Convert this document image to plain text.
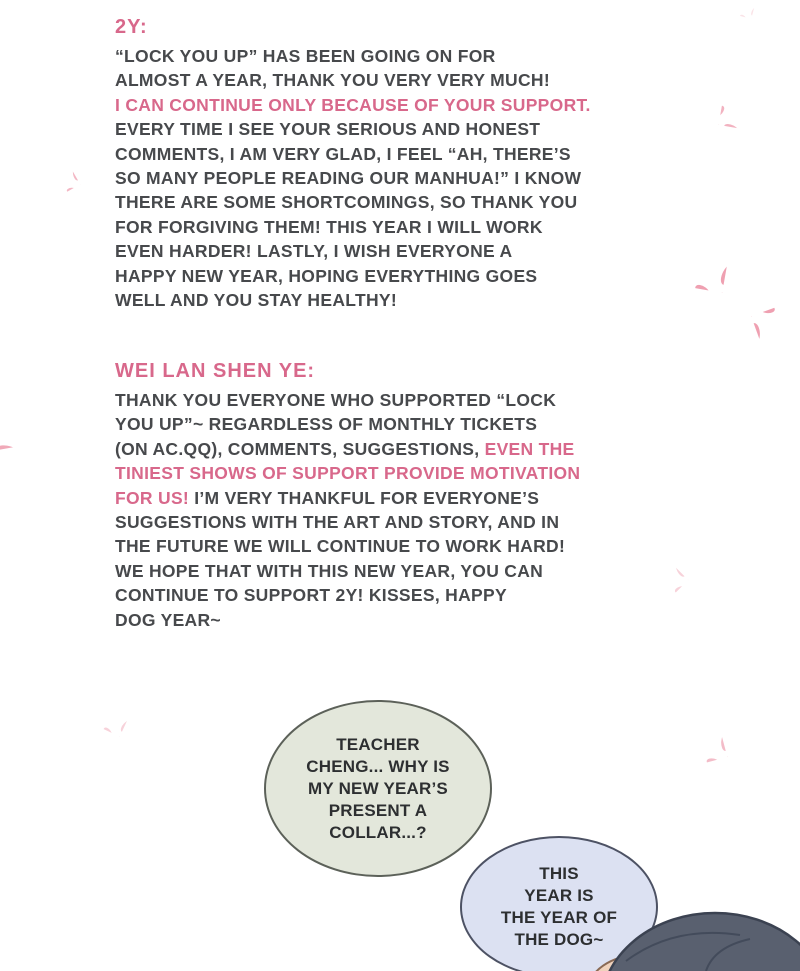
2Y:
“LOCK YOU UP” HAS BEEN GOING ON FOR
ALMOST A YEAR, THANK YOU VERY VERY MUCH!
I CAN CONTINUE ONLY BECAUSE OF YOUR SUPPORT.
EVERY TIME I SEE YOUR SERIOUS AND HONEST
COMMENTS, I AM VERY GLAD, I FEEL “AH, THERE’S
SO MANY PEOPLE READING OUR MANHUA!” I KNOW
THERE ARE SOME SHORTCOMINGS, SO THANK YOU
FOR FORGIVING THEM! THIS YEAR I WILL WORK
EVEN HARDER! LASTLY, I WISH EVERYONE A
HAPPY NEW YEAR, HOPING EVERYTHING GOES
WELL AND YOU STAY HEALTHY!
WEI LAN SHEN YE:
THANK YOU EVERYONE WHO SUPPORTED “LOCK
YOU UP”~ REGARDLESS OF MONTHLY TICKETS
(ON AC.QQ), COMMENTS, SUGGESTIONS, EVEN THE
TINIEST SHOWS OF SUPPORT PROVIDE MOTIVATION
FOR US! I’M VERY THANKFUL FOR EVERYONE’S
SUGGESTIONS WITH THE ART AND STORY, AND IN
THE FUTURE WE WILL CONTINUE TO WORK HARD!
WE HOPE THAT WITH THIS NEW YEAR, YOU CAN
CONTINUE TO SUPPORT 2Y! KISSES, HAPPY
DOG YEAR~
TEACHER
CHENG... WHY IS
MY NEW YEAR’S
PRESENT A
COLLAR...?
THIS
YEAR IS
THE YEAR OF
THE DOG~
